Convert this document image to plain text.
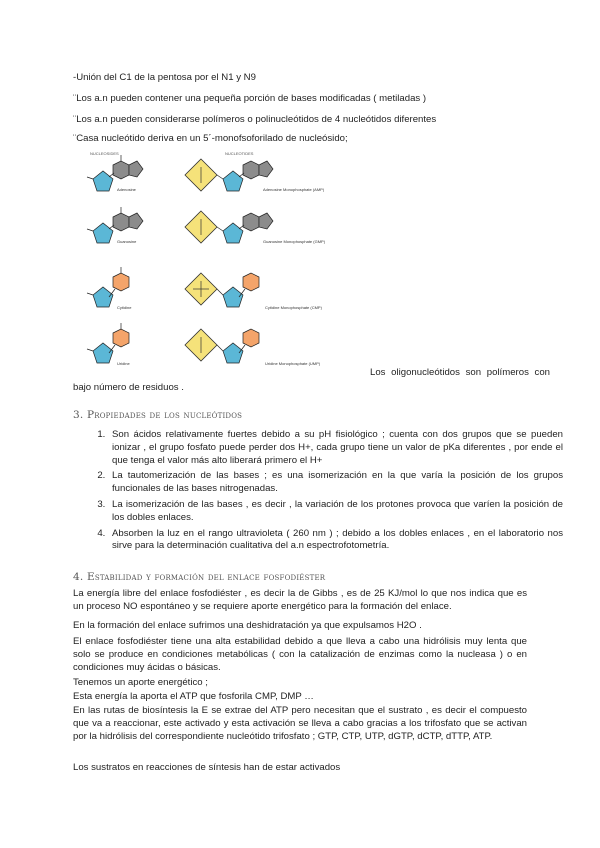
-Unión del C1 de la pentosa por el N1 y N9
¨Los a.n pueden contener una pequeña porción de bases modificadas ( metiladas )
¨Los a.n pueden considerarse polímeros o polinucleótidos de 4 nucleótidos diferentes
¨Casa nucleótido deriva en un 5´-monofsoforilado de nucleósido;
NUCLEOSIDES	NUCLEOTIDES
Adenosine	Adenosine Monophosphate (AMP)
Guanosine	Guanosine Monophosphate (GMP)
Cytidine	Cytidine Monophosphate (CMP)
Uridine	Uridine Monophosphate (UMP)
Los oligonucleótidos son polímeros con
bajo número de residuos .
3. Propiedades de los nucleótidos
1. Son ácidos relativamente fuertes debido a su pH fisiológico ; cuenta con dos grupos que se pueden ionizar , el grupo fosfato puede perder dos H+, cada grupo tiene un valor de pKa diferentes , por ende el que tenga el valor más alto liberará primero el H+
2. La tautomerización de las bases ; es una isomerización en la que varía la posición de los grupos funcionales de las bases nitrogenadas.
3. La isomerización de las bases , es decir , la variación de los protones provoca que varíen la posición de los dobles enlaces.
4. Absorben la luz en el rango ultravioleta ( 260 nm ) ; debido a los dobles enlaces , en el laboratorio nos sirve para la determinación cualitativa del a.n espectrofotometría.
4. Estabilidad y formación del enlace fosfodiéster
La energía libre del enlace fosfodiéster , es decir la de Gibbs , es de 25 KJ/mol lo que nos indica que es un proceso NO espontáneo y se requiere aporte energético para la formación del enlace.
En la formación del enlace sufrimos una deshidratación ya que expulsamos H2O .
El enlace fosfodiéster tiene una alta estabilidad debido a que lleva a cabo una hidrólisis muy lenta que solo se produce en condiciones metabólicas ( con la catalización de enzimas como la nucleasa ) o en condiciones muy ácidas o básicas.
Tenemos un aporte energético ;
Esta energía la aporta el ATP que fosforila CMP, DMP …
En las rutas de biosíntesis la E se extrae del ATP pero necesitan que el sustrato , es decir el compuesto que va a reaccionar, este activado y esta activación se lleva a cabo gracias a los trifosfato que se activan por la hidrólisis del correspondiente nucleótido trifosfato ; GTP, CTP, UTP, dGTP, dCTP, dTTP, ATP.
Los sustratos en reacciones de síntesis han de estar activados
